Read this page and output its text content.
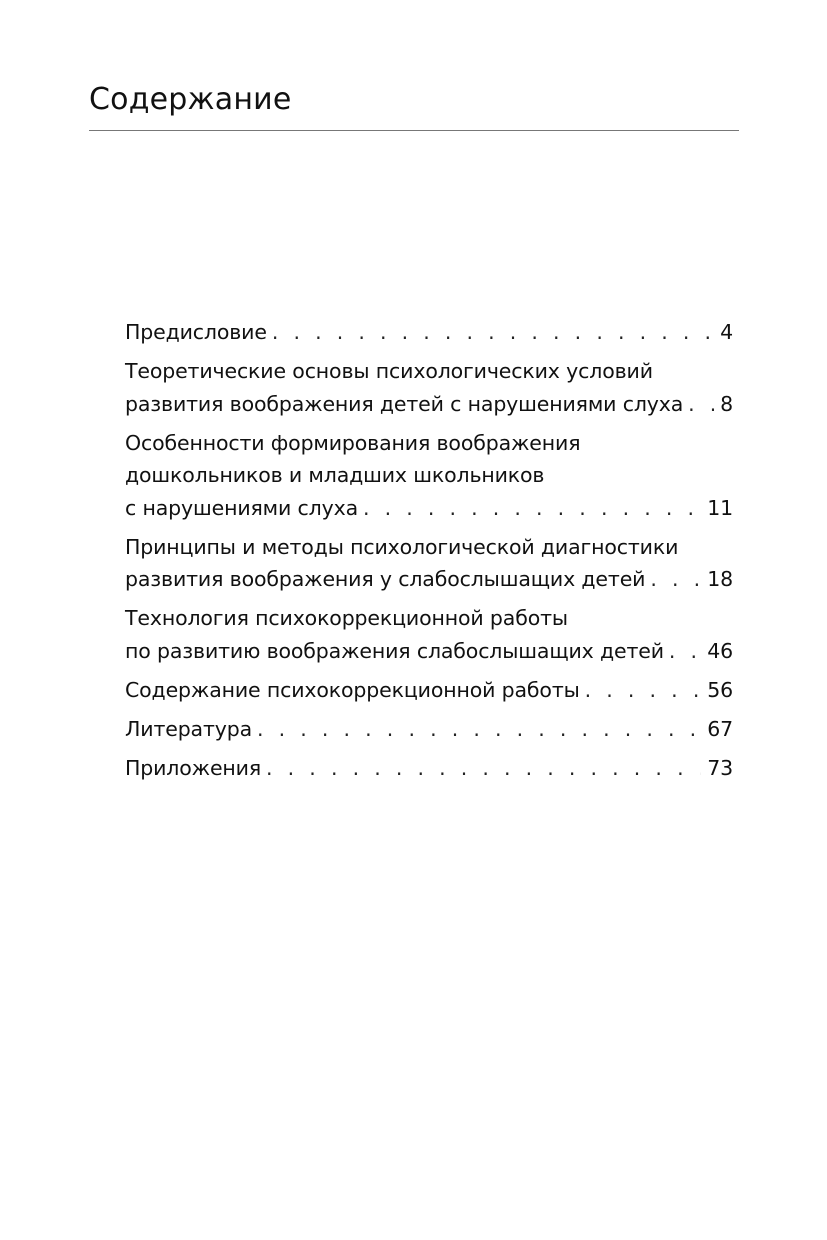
Содержание
Предисловие . . .	4
Теоретические основы психологических условий
развития воображения детей с нарушениями слуха . . . 8
Особенности формирования воображения
дошкольников и младших школьников
с нарушениями слуха . . .	11
Принципы и методы психологической диагностики
развития воображения у слабослышащих детей . . .	18
Технология психокоррекционной работы
по развитию воображения слабослышащих детей . . . 46
Содержание психокоррекционной работы . . .	56
Литература . . .	67
Приложения . . .	73
